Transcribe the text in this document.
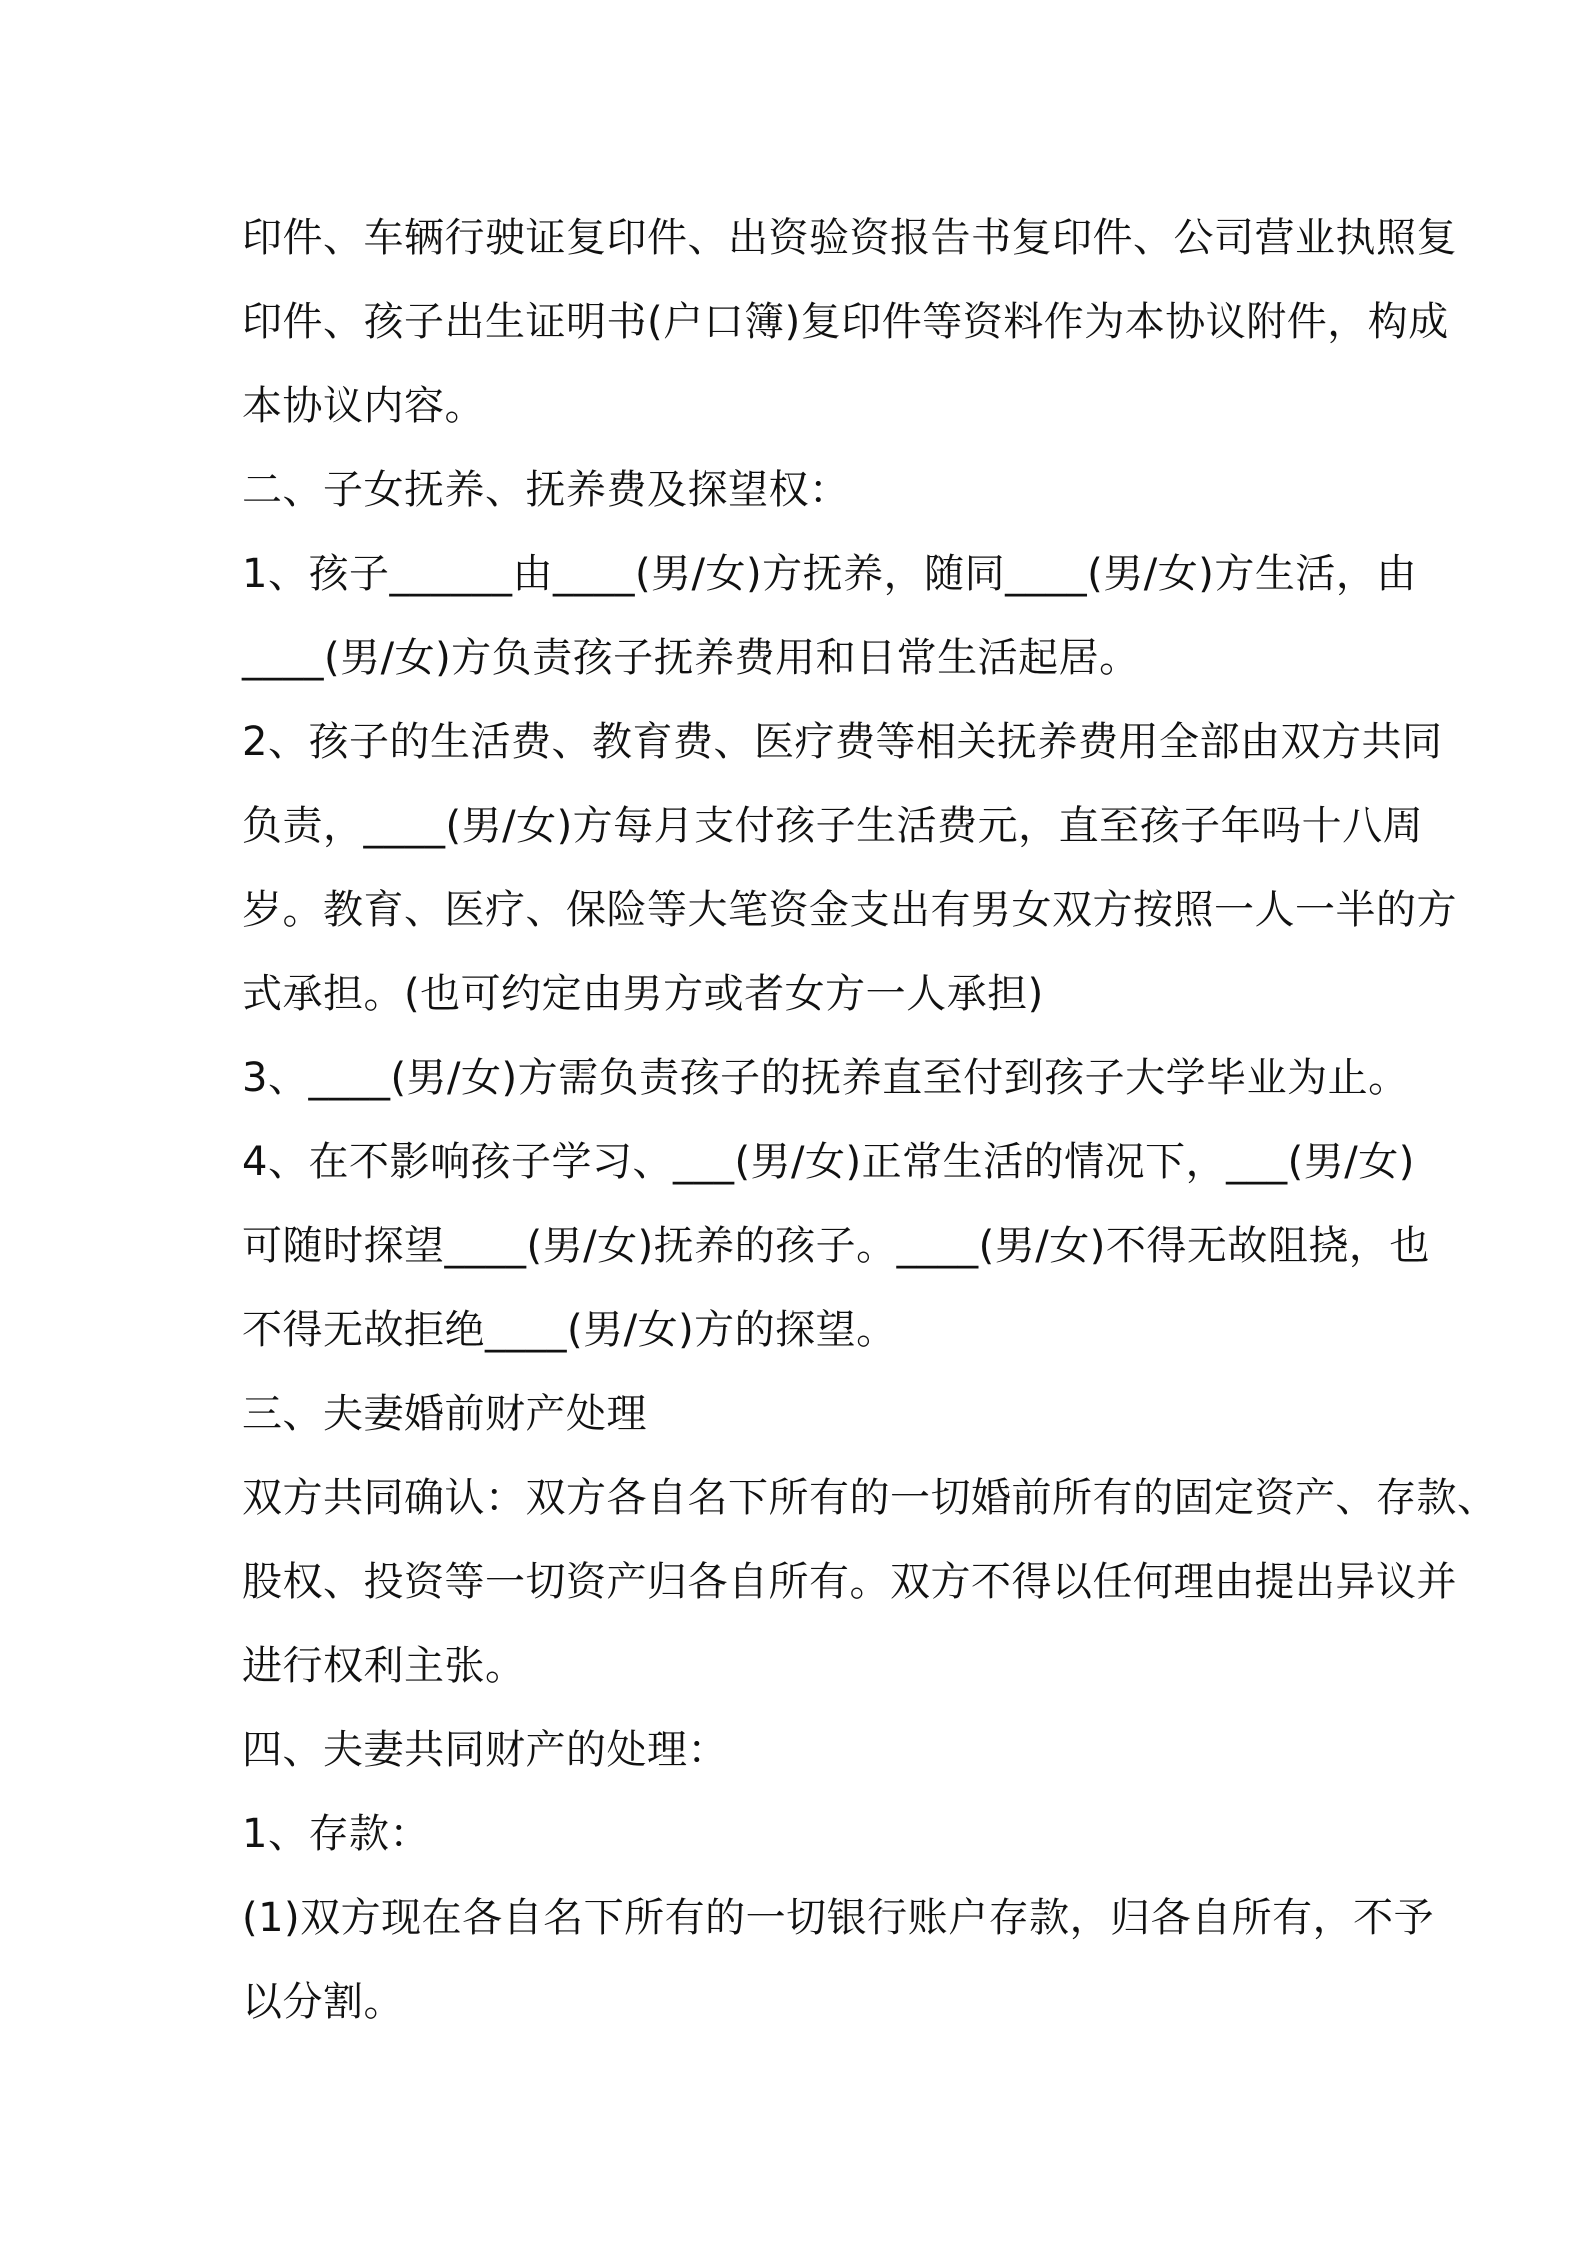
印件、车辆行驶证复印件、出资验资报告书复印件、公司营业执照复
印件、孩子出生证明书(户口簿)复印件等资料作为本协议附件，构成
本协议内容。
二、子女抚养、抚养费及探望权：
1、孩子______由____(男/女)方抚养，随同____(男/女)方生活，由
____(男/女)方负责孩子抚养费用和日常生活起居。
2、孩子的生活费、教育费、医疗费等相关抚养费用全部由双方共同
负责，____(男/女)方每月支付孩子生活费元，直至孩子年吗十八周
岁。教育、医疗、保险等大笔资金支出有男女双方按照一人一半的方
式承担。(也可约定由男方或者女方一人承担)
3、____(男/女)方需负责孩子的抚养直至付到孩子大学毕业为止。
4、在不影响孩子学习、___(男/女)正常生活的情况下，___(男/女)
可随时探望____(男/女)抚养的孩子。____(男/女)不得无故阻挠，也
不得无故拒绝____(男/女)方的探望。
三、夫妻婚前财产处理
双方共同确认：双方各自名下所有的一切婚前所有的固定资产、存款、
股权、投资等一切资产归各自所有。双方不得以任何理由提出异议并
进行权利主张。
四、夫妻共同财产的处理：
1、存款：
(1)双方现在各自名下所有的一切银行账户存款，归各自所有，不予
以分割。
